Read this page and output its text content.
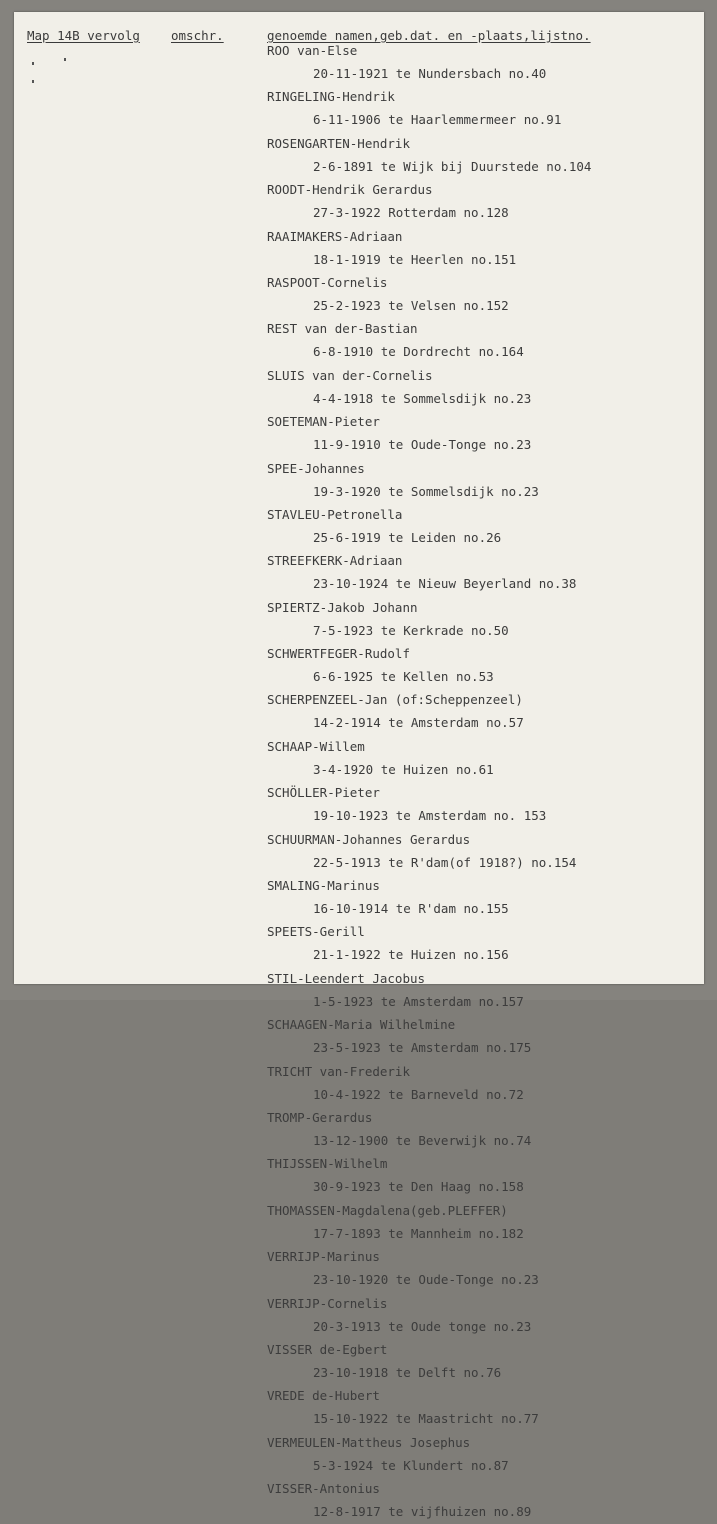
Map 14B vervolg omschr.	genoemde namen,geb.dat. en -plaats,lijstno.
ROO van-Else
20-11-1921 te Nundersbach no.40
RINGELING-Hendrik
6-11-1906 te Haarlemmermeer no.91
ROSENGARTEN-Hendrik
2-6-1891 te Wijk bij Duurstede no.104
ROODT-Hendrik Gerardus
27-3-1922 Rotterdam no.128
RAAIMAKERS-Adriaan
18-1-1919 te Heerlen no.151
RASPOOT-Cornelis
25-2-1923 te Velsen no.152
REST van der-Bastian
6-8-1910 te Dordrecht no.164
SLUIS van der-Cornelis
4-4-1918 te Sommelsdijk no.23
SOETEMAN-Pieter
11-9-1910 te Oude-Tonge no.23
SPEE-Johannes
19-3-1920 te Sommelsdijk no.23
STAVLEU-Petronella
25-6-1919 te Leiden no.26
STREEFKERK-Adriaan
23-10-1924 te Nieuw Beyerland no.38
SPIERTZ-Jakob Johann
7-5-1923 te Kerkrade no.50
SCHWERTFEGER-Rudolf
6-6-1925 te Kellen no.53
SCHERPENZEEL-Jan (of:Scheppenzeel)
14-2-1914 te Amsterdam no.57
SCHAAP-Willem
3-4-1920 te Huizen no.61
SCHÖLLER-Pieter
19-10-1923 te Amsterdam no. 153
SCHUURMAN-Johannes Gerardus
22-5-1913 te R'dam(of 1918?) no.154
SMALING-Marinus
16-10-1914 te R'dam no.155
SPEETS-Gerill
21-1-1922 te Huizen no.156
STIL-Leendert Jacobus
1-5-1923 te Amsterdam no.157
SCHAAGEN-Maria Wilhelmine
23-5-1923 te Amsterdam no.175
TRICHT van-Frederik
10-4-1922 te Barneveld no.72
TROMP-Gerardus
13-12-1900 te Beverwijk no.74
THIJSSEN-Wilhelm
30-9-1923 te Den Haag no.158
THOMASSEN-Magdalena(geb.PLEFFER)
17-7-1893 te Mannheim no.182
VERRIJP-Marinus
23-10-1920 te Oude-Tonge no.23
VERRIJP-Cornelis
20-3-1913 te Oude tonge no.23
VISSER de-Egbert
23-10-1918 te Delft no.76
VREDE de-Hubert
15-10-1922 te Maastricht no.77
VERMEULEN-Mattheus Josephus
5-3-1924 te Klundert no.87
VISSER-Antonius
12-8-1917 te vijfhuizen no.89
